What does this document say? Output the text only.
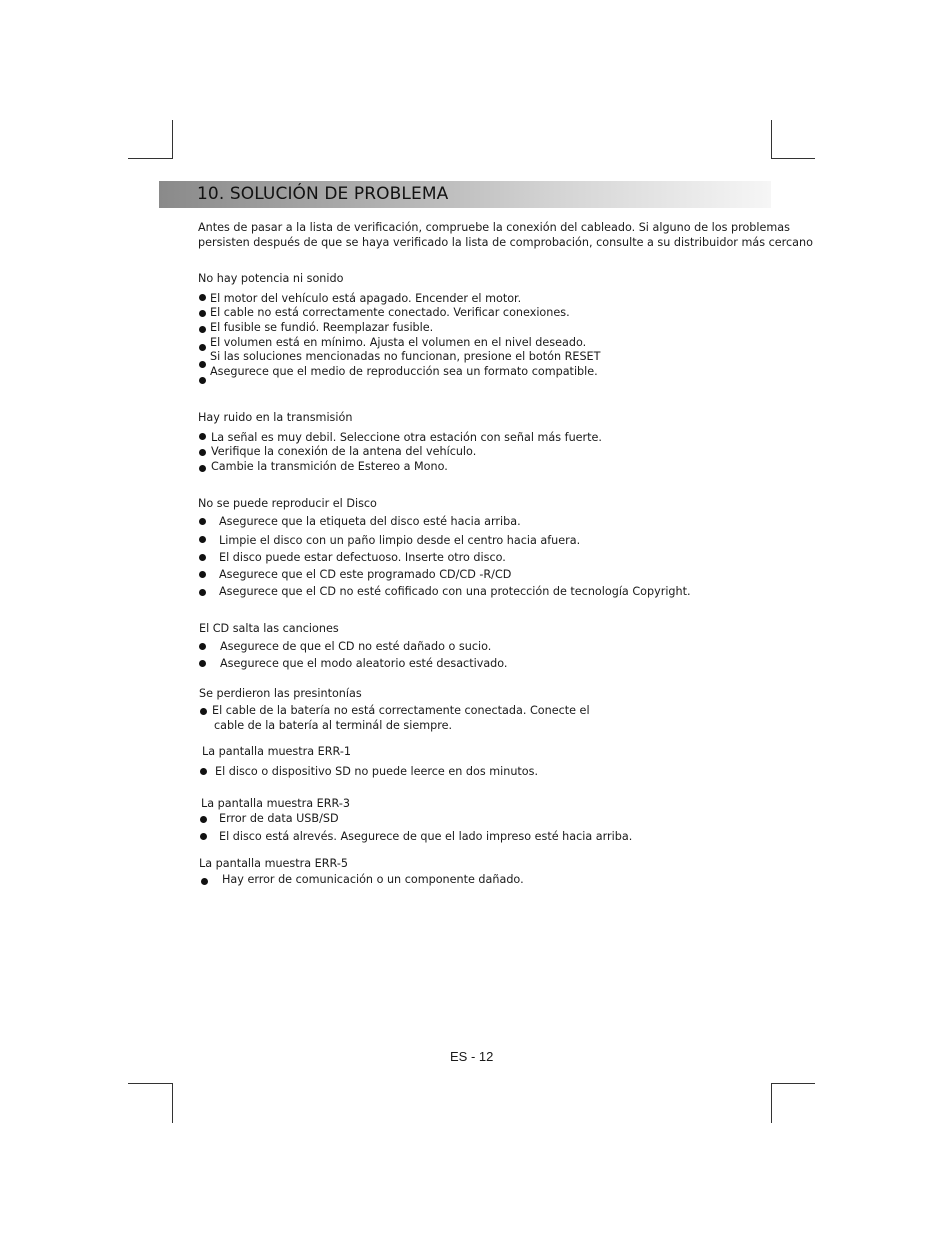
10. SOLUCIÓN DE PROBLEMA
Antes de pasar a la lista de verificación, compruebe la conexión del cableado. Si alguno de los problemas
persisten después de que se haya verificado la lista de comprobación, consulte a su distribuidor más cercano
No hay potencia ni sonido
El motor del vehículo está apagado. Encender el motor.
El cable no está correctamente conectado. Verificar conexiones.
El fusible se fundió. Reemplazar fusible.
El volumen está en mínimo. Ajusta el volumen en el nivel deseado.
Si las soluciones mencionadas no funcionan, presione el botón RESET
Asegurece que el medio de reproducción sea un formato compatible.
Hay ruido en la transmisión
La señal es muy debil. Seleccione otra estación con señal más fuerte.
Verifique la conexión de la antena del vehículo.
Cambie la transmición de Estereo a Mono.
No se puede reproducir el Disco
Asegurece que la etiqueta del disco esté hacia arriba.
Limpie el disco con un paño limpio desde el centro hacia afuera.
El disco puede estar defectuoso. Inserte otro disco.
Asegurece que el CD este programado CD/CD -R/CD
Asegurece que el CD no esté cofificado con una protección de tecnología Copyright.
El CD salta las canciones
Asegurece de que el CD no esté dañado o sucio.
Asegurece que el modo aleatorio esté desactivado.
Se perdieron las presintonías
El cable de la batería no está correctamente conectada. Conecte el
cable de la batería al terminál de siempre.
La pantalla muestra ERR-1
El disco o dispositivo SD no puede leerce en dos minutos.
La pantalla muestra ERR-3
Error de data USB/SD
El disco está alrevés. Asegurece de que el lado impreso esté hacia arriba.
La pantalla muestra ERR-5
Hay error de comunicación o un componente dañado.
ES - 12
